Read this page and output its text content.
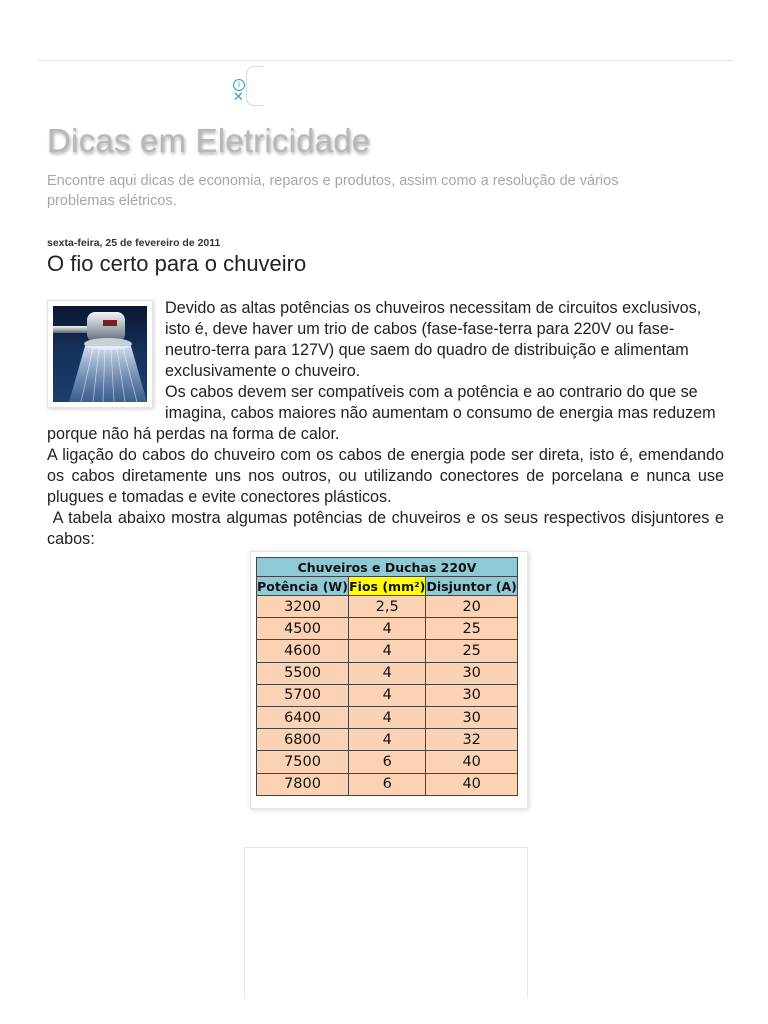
i
✕
Dicas em Eletricidade
Encontre aqui dicas de economia, reparos e produtos, assim como a resolução de vários problemas elétricos.
sexta-feira, 25 de fevereiro de 2011
O fio certo para o chuveiro

Devido as altas potências os chuveiros necessitam de circuitos exclusivos, isto é, deve haver um trio de cabos (fase-fase-terra para 220V ou fase-neutro-terra para 127V) que saem do quadro de distribuição e alimentam exclusivamente o chuveiro.

Os cabos devem ser compatíveis com a potência e ao contrario do que se imagina, cabos maiores não aumentam o consumo de energia mas reduzem porque não há perdas na forma de calor.

A ligação do cabos do chuveiro com os cabos de energia pode ser direta, isto é, emendando os cabos diretamente uns nos outros, ou utilizando conectores de porcelana e nunca use plugues e tomadas e evite conectores plásticos.

A tabela abaixo mostra algumas potências de chuveiros e os seus respectivos disjuntores e cabos:

Chuveiros e Duchas 220V		
Potência (W)	Fios (mm²)	Disjuntor (A)
3200	2,5	20
4500	4	25
4600	4	25
5500	4	30
5700	4	30
6400	4	30
6800	4	32
7500	6	40
7800	6	40
